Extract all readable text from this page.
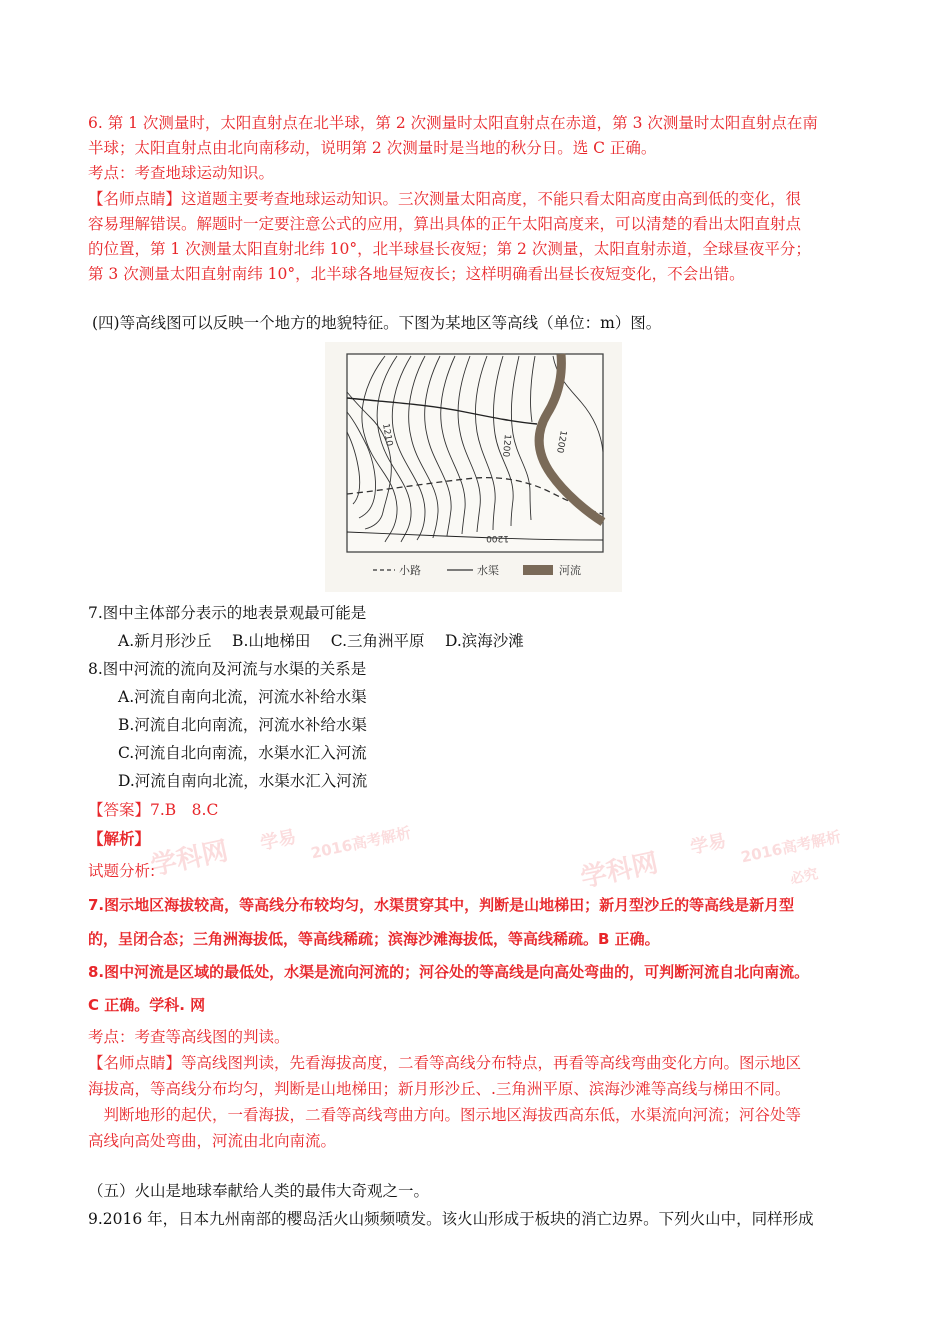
6. 第 1 次测量时，太阳直射点在北半球，第 2 次测量时太阳直射点在赤道，第 3 次测量时太阳直射点在南
半球；太阳直射点由北向南移动，说明第 2 次测量时是当地的秋分日。选 C 正确。
考点：考查地球运动知识。
【名师点睛】这道题主要考查地球运动知识。三次测量太阳高度，不能只看太阳高度由高到低的变化，很
容易理解错误。解题时一定要注意公式的应用，算出具体的正午太阳高度来，可以清楚的看出太阳直射点
的位置，第 1 次测量太阳直射北纬 10°，北半球昼长夜短；第 2 次测量，太阳直射赤道，全球昼夜平分；
第 3 次测量太阳直射南纬 10°，北半球各地昼短夜长；这样明确看出昼长夜短变化，不会出错。
(四)等高线图可以反映一个地方的地貌特征。下图为某地区等高线（单位：m）图。
1210	1200	1200
1200
小路	水渠	河流
7.图中主体部分表示的地表景观最可能是
A.新月形沙丘　 B.山地梯田　 C.三角洲平原　 D.滨海沙滩
8.图中河流的流向及河流与水渠的关系是
A.河流自南向北流，河流水补给水渠
B.河流自北向南流，河流水补给水渠
C.河流自北向南流，水渠水汇入河流
D.河流自南向北流，水渠水汇入河流
【答案】7.B　8.C
【解析】
试题分析:
学科网 学易 2016高考解析
学科网
学易 2016高考解析
必究
7.图示地区海拔较高，等高线分布较均匀，水渠贯穿其中，判断是山地梯田；新月型沙丘的等高线是新月型
的，呈闭合态；三角洲海拔低，等高线稀疏；滨海沙滩海拔低，等高线稀疏。B 正确。
8.图中河流是区域的最低处，水渠是流向河流的；河谷处的等高线是向高处弯曲的，可判断河流自北向南流。
C 正确。学科. 网
考点：考查等高线图的判读。
【名师点睛】等高线图判读，先看海拔高度，二看等高线分布特点，再看等高线弯曲变化方向。图示地区
海拔高，等高线分布均匀，判断是山地梯田；新月形沙丘、.三角洲平原、滨海沙滩等高线与梯田不同。
　判断地形的起伏，一看海拔，二看等高线弯曲方向。图示地区海拔西高东低，水渠流向河流；河谷处等
高线向高处弯曲，河流由北向南流。
（五）火山是地球奉献给人类的最伟大奇观之一。
9.2016 年，日本九州南部的樱岛活火山频频喷发。该火山形成于板块的消亡边界。下列火山中，同样形成
